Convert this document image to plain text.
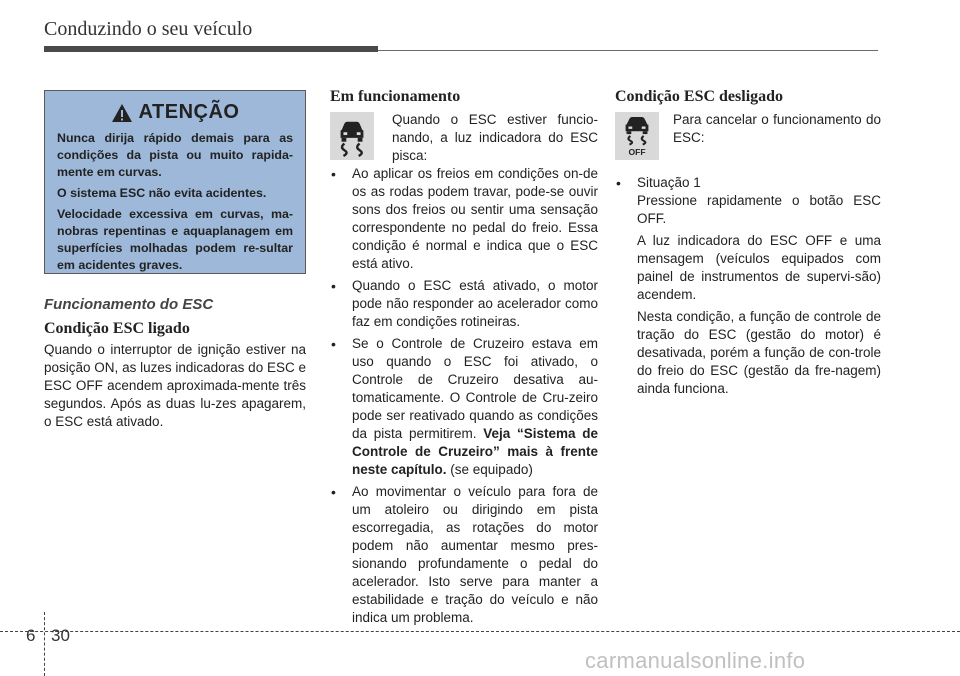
Conduzindo o seu veículo
ATENÇÃO

Nunca dirija rápido demais para as condições da pista ou muito rapida-mente em curvas.

O sistema ESC não evita acidentes.

Velocidade excessiva em curvas, ma-nobras repentinas e aquaplanagem em superfícies molhadas podem re-sultar em acidentes graves.

Funcionamento do ESC
Condição ESC ligado

Quando o interruptor de ignição estiver na posição ON, as luzes indicadoras do ESC e ESC OFF acendem aproximada-mente três segundos. Após as duas lu-zes apagarem, o ESC está ativado.

Em funcionamento

Quando o ESC estiver funcio-nando, a luz indicadora do ESC pisca:

• Ao aplicar os freios em condições on-de os as rodas podem travar, pode-se ouvir sons dos freios ou sentir uma sensação correspondente no pedal do freio. Essa condição é normal e indica que o ESC está ativo.
• Quando o ESC está ativado, o motor pode não responder ao acelerador como faz em condições rotineiras.
• Se o Controle de Cruzeiro estava em uso quando o ESC foi ativado, o Controle de Cruzeiro desativa au-tomaticamente. O Controle de Cru-zeiro pode ser reativado quando as condições da pista permitirem. Veja “Sistema de Controle de Cruzeiro” mais à frente neste capítulo. (se equipado)
• Ao movimentar o veículo para fora de um atoleiro ou dirigindo em pista escorregadia, as rotações do motor podem não aumentar mesmo pres-sionando profundamente o pedal do acelerador. Isto serve para manter a estabilidade e tração do veículo e não indica um problema.
Condição ESC desligado
OFF

Para cancelar o funcionamento do ESC:

• Situação 1

Pressione rapidamente o botão ESC OFF.

A luz indicadora do ESC OFF e uma mensagem (veículos equipados com painel de instrumentos de supervi-são) acendem.

Nesta condição, a função de controle de tração do ESC (gestão do motor) é desativada, porém a função de con-trole do freio do ESC (gestão da fre-nagem) ainda funciona.

6 30
carmanualsonline.info
